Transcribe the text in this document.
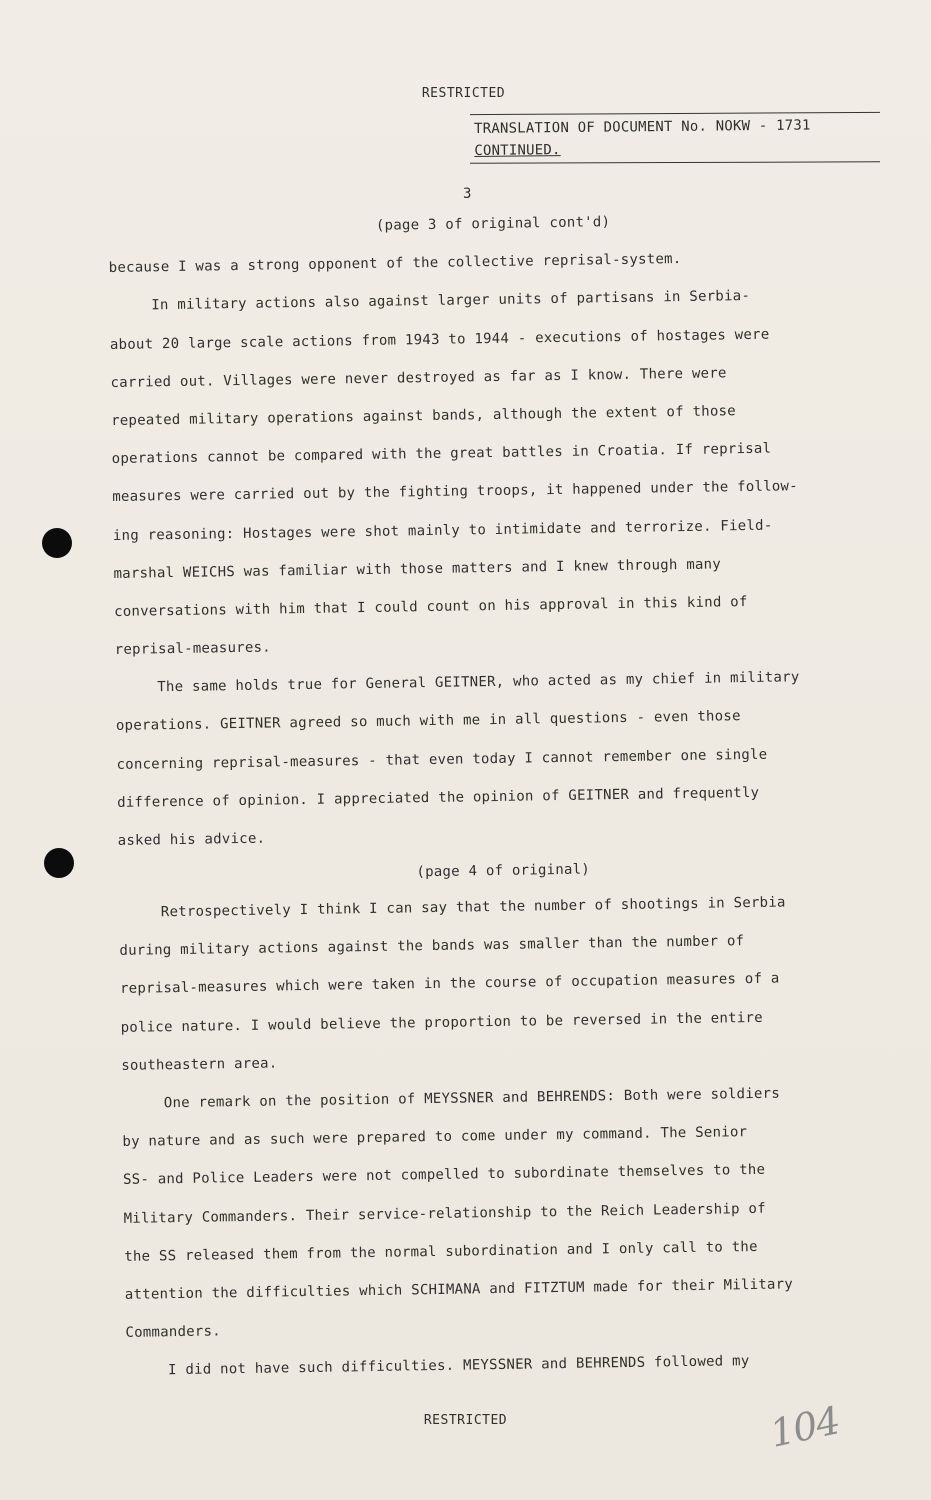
RESTRICTED
TRANSLATION OF DOCUMENT No. NOKW - 1731
CONTINUED.
3
(page 3 of original cont'd)
because I was a strong opponent of the collective reprisal-system.
In military actions also against larger units of partisans in Serbia-
about 20 large scale actions from 1943 to 1944 - executions of hostages were
carried out. Villages were never destroyed as far as I know. There were
repeated military operations against bands, although the extent of those
operations cannot be compared with the great battles in Croatia. If reprisal
measures were carried out by the fighting troops, it happened under the follow-
ing reasoning: Hostages were shot mainly to intimidate and terrorize. Field-
marshal WEICHS was familiar with those matters and I knew through many
conversations with him that I could count on his approval in this kind of
reprisal-measures.
The same holds true for General GEITNER, who acted as my chief in military
operations. GEITNER agreed so much with me in all questions - even those
concerning reprisal-measures - that even today I cannot remember one single
difference of opinion. I appreciated the opinion of GEITNER and frequently
asked his advice.
(page 4 of original)
Retrospectively I think I can say that the number of shootings in Serbia
during military actions against the bands was smaller than the number of
reprisal-measures which were taken in the course of occupation measures of a
police nature. I would believe the proportion to be reversed in the entire
southeastern area.
One remark on the position of MEYSSNER and BEHRENDS: Both were soldiers
by nature and as such were prepared to come under my command. The Senior
SS- and Police Leaders were not compelled to subordinate themselves to the
Military Commanders. Their service-relationship to the Reich Leadership of
the SS released them from the normal subordination and I only call to the
attention the difficulties which SCHIMANA and FITZTUM made for their Military
Commanders.
I did not have such difficulties. MEYSSNER and BEHRENDS followed my
RESTRICTED	104
